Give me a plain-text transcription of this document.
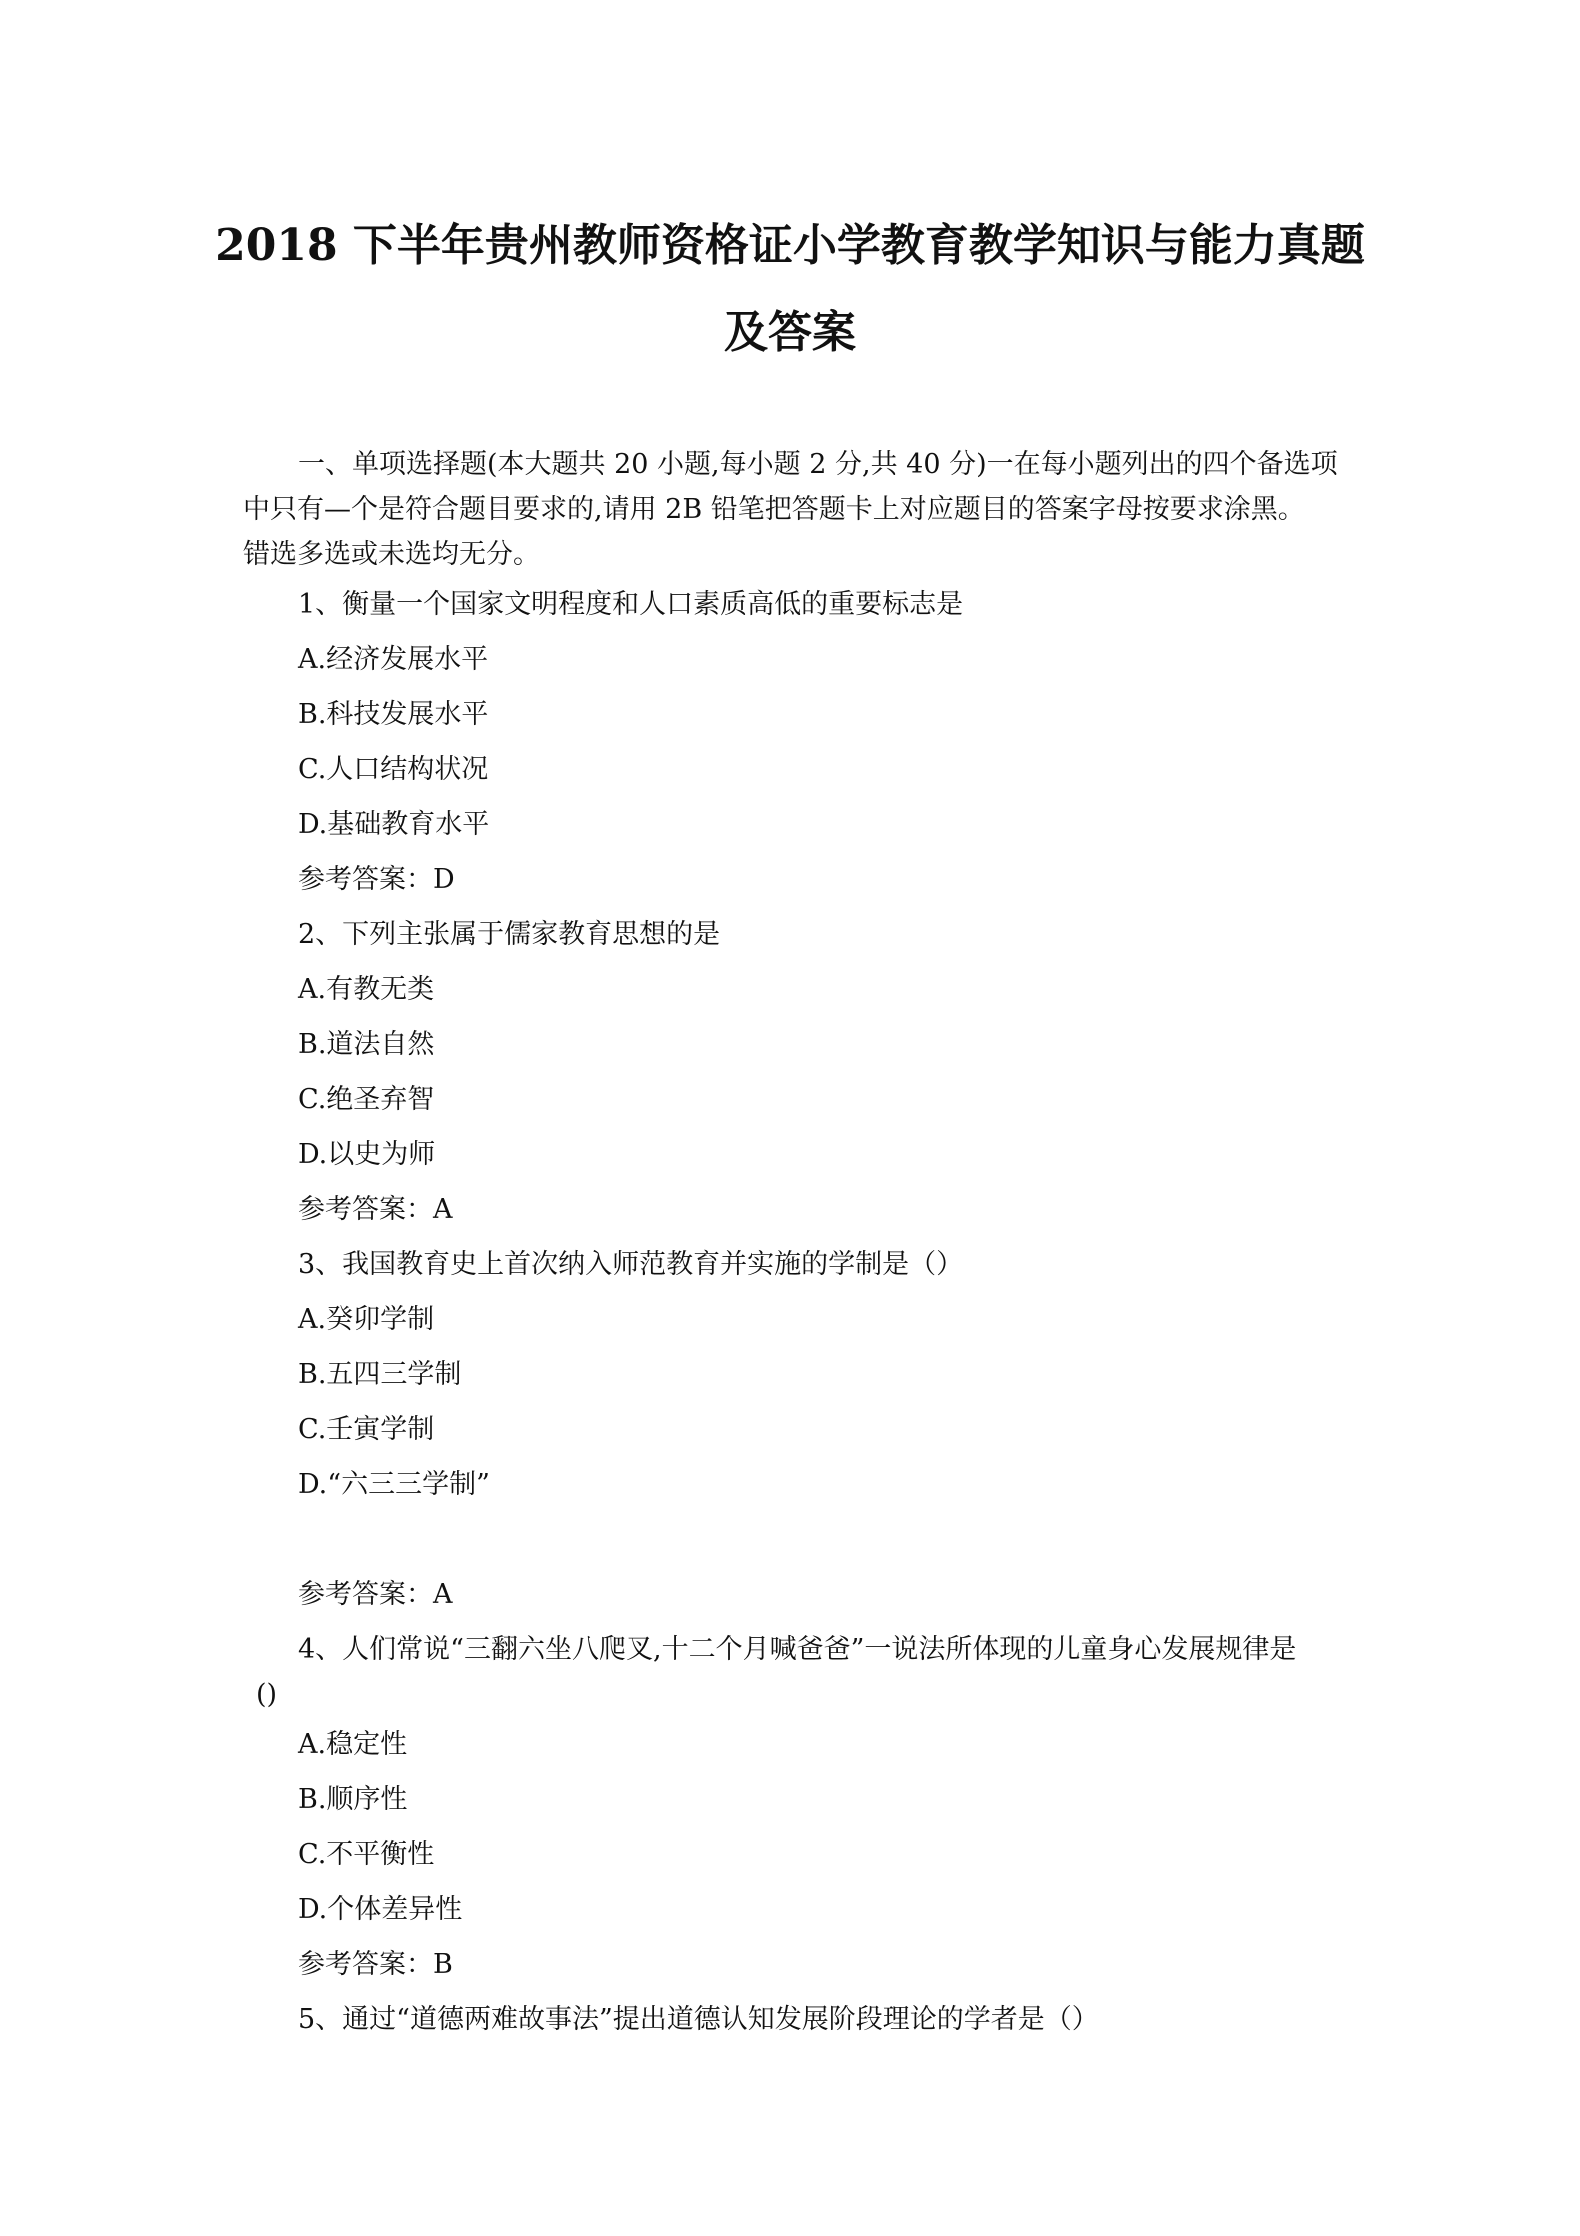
2018 下半年贵州教师资格证小学教育教学知识与能力真题
及答案

一、单项选择题(本大题共 20 小题,每小题 2 分,共 40 分)一在每小题列出的四个备选项

中只有—个是符合题目要求的,请用 2B 铅笔把答题卡上对应题目的答案字母按要求涂黑。

错选多选或未选均无分。

1、衡量一个国家文明程度和人口素质高低的重要标志是

A.经济发展水平

B.科技发展水平

C.人口结构状况

D.基础教育水平

参考答案：D

2、下列主张属于儒家教育思想的是

A.有教无类

B.道法自然

C.绝圣弃智

D.以史为师

参考答案：A

3、我国教育史上首次纳入师范教育并实施的学制是（）

A.癸卯学制

B.五四三学制

C.壬寅学制

D.“六三三学制”

参考答案：A

4、人们常说“三翻六坐八爬叉,十二个月喊爸爸”一说法所体现的儿童身心发展规律是

()

A.稳定性

B.顺序性

C.不平衡性

D.个体差异性

参考答案：B

5、通过“道德两难故事法”提出道德认知发展阶段理论的学者是（）
